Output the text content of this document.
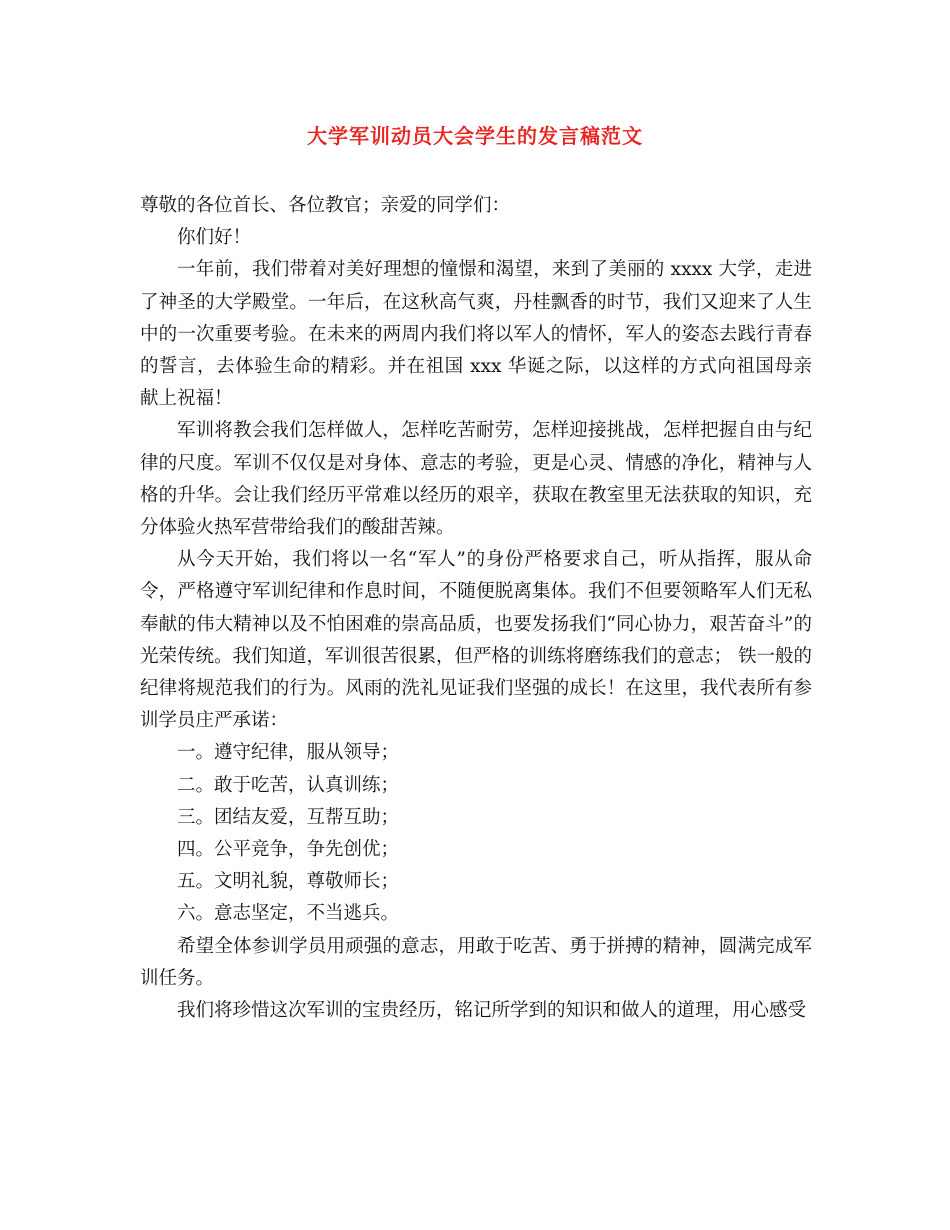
大学军训动员大会学生的发言稿范文

尊敬的各位首长、各位教官；亲爱的同学们：

你们好！

一年前，我们带着对美好理想的憧憬和渴望，来到了美丽的 xxxx 大学，走进了神圣的大学殿堂。一年后，在这秋高气爽，丹桂飘香的时节，我们又迎来了人生中的一次重要考验。在未来的两周内我们将以军人的情怀，军人的姿态去践行青春的誓言，去体验生命的精彩。并在祖国 xxx 华诞之际，以这样的方式向祖国母亲献上祝福！

军训将教会我们怎样做人，怎样吃苦耐劳，怎样迎接挑战，怎样把握自由与纪律的尺度。军训不仅仅是对身体、意志的考验，更是心灵、情感的净化，精神与人格的升华。会让我们经历平常难以经历的艰辛，获取在教室里无法获取的知识，充分体验火热军营带给我们的酸甜苦辣。

从今天开始，我们将以一名“军人”的身份严格要求自己，听从指挥，服从命令，严格遵守军训纪律和作息时间，不随便脱离集体。我们不但要领略军人们无私奉献的伟大精神以及不怕困难的崇高品质，也要发扬我们“同心协力，艰苦奋斗”的光荣传统。我们知道，军训很苦很累，但严格的训练将磨练我们的意志； 铁一般的纪律将规范我们的行为。风雨的洗礼见证我们坚强的成长！在这里，我代表所有参训学员庄严承诺：

一。遵守纪律，服从领导；

二。敢于吃苦，认真训练；

三。团结友爱，互帮互助；

四。公平竞争，争先创优；

五。文明礼貌，尊敬师长；

六。意志坚定，不当逃兵。

希望全体参训学员用顽强的意志，用敢于吃苦、勇于拼搏的精神，圆满完成军训任务。

我们将珍惜这次军训的宝贵经历，铭记所学到的知识和做人的道理，用心感受
